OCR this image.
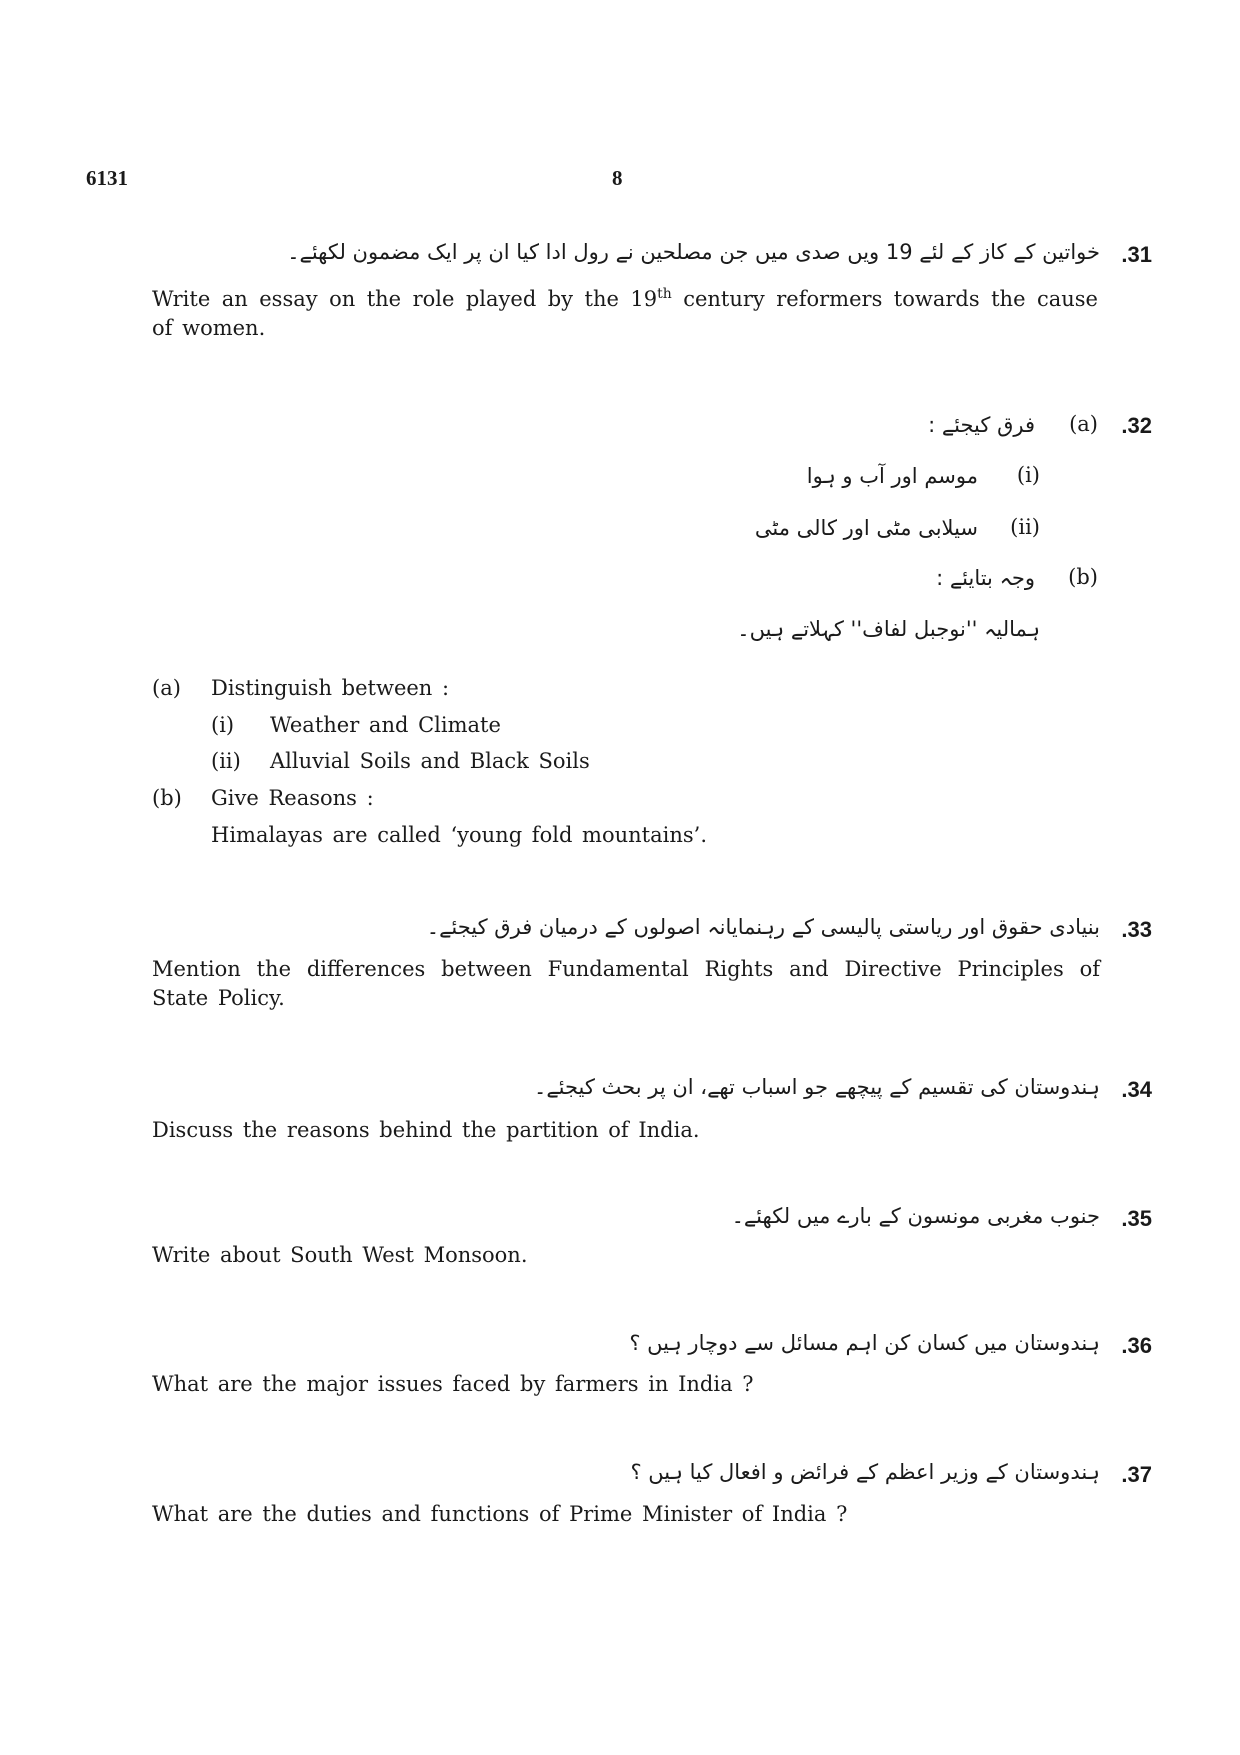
6131	8
.31
خواتین کے کاز کے لئے 19 ویں صدی میں جن مصلحین نے رول ادا کیا ان پر ایک مضمون لکھئے۔
Write an essay on the role played by the 19th century reformers towards the cause of women.
.32
(a)
فرق کیجئے :
(i)
موسم اور آب و ہوا
(ii)
سیلابی مٹی اور کالی مٹی
(b)
وجہ بتایئے :
ہمالیہ ''نوجبل لفاف'' کہلاتے ہیں۔
(a) Distinguish between :
(i) Weather and Climate
(ii) Alluvial Soils and Black Soils
(b) Give Reasons :
Himalayas are called ‘young fold mountains’.
.33
بنیادی حقوق اور ریاستی پالیسی کے رہنمایانہ اصولوں کے درمیان فرق کیجئے۔
Mention the differences between Fundamental Rights and Directive Principles of State Policy.
.34
ہندوستان کی تقسیم کے پیچھے جو اسباب تھے، ان پر بحث کیجئے۔
Discuss the reasons behind the partition of India.
.35
جنوب مغربی مونسون کے بارے میں لکھئے۔
Write about South West Monsoon.
.36
ہندوستان میں کسان کن اہم مسائل سے دوچار ہیں ؟
What are the major issues faced by farmers in India ?
.37
ہندوستان کے وزیر اعظم کے فرائض و افعال کیا ہیں ؟
What are the duties and functions of Prime Minister of India ?
